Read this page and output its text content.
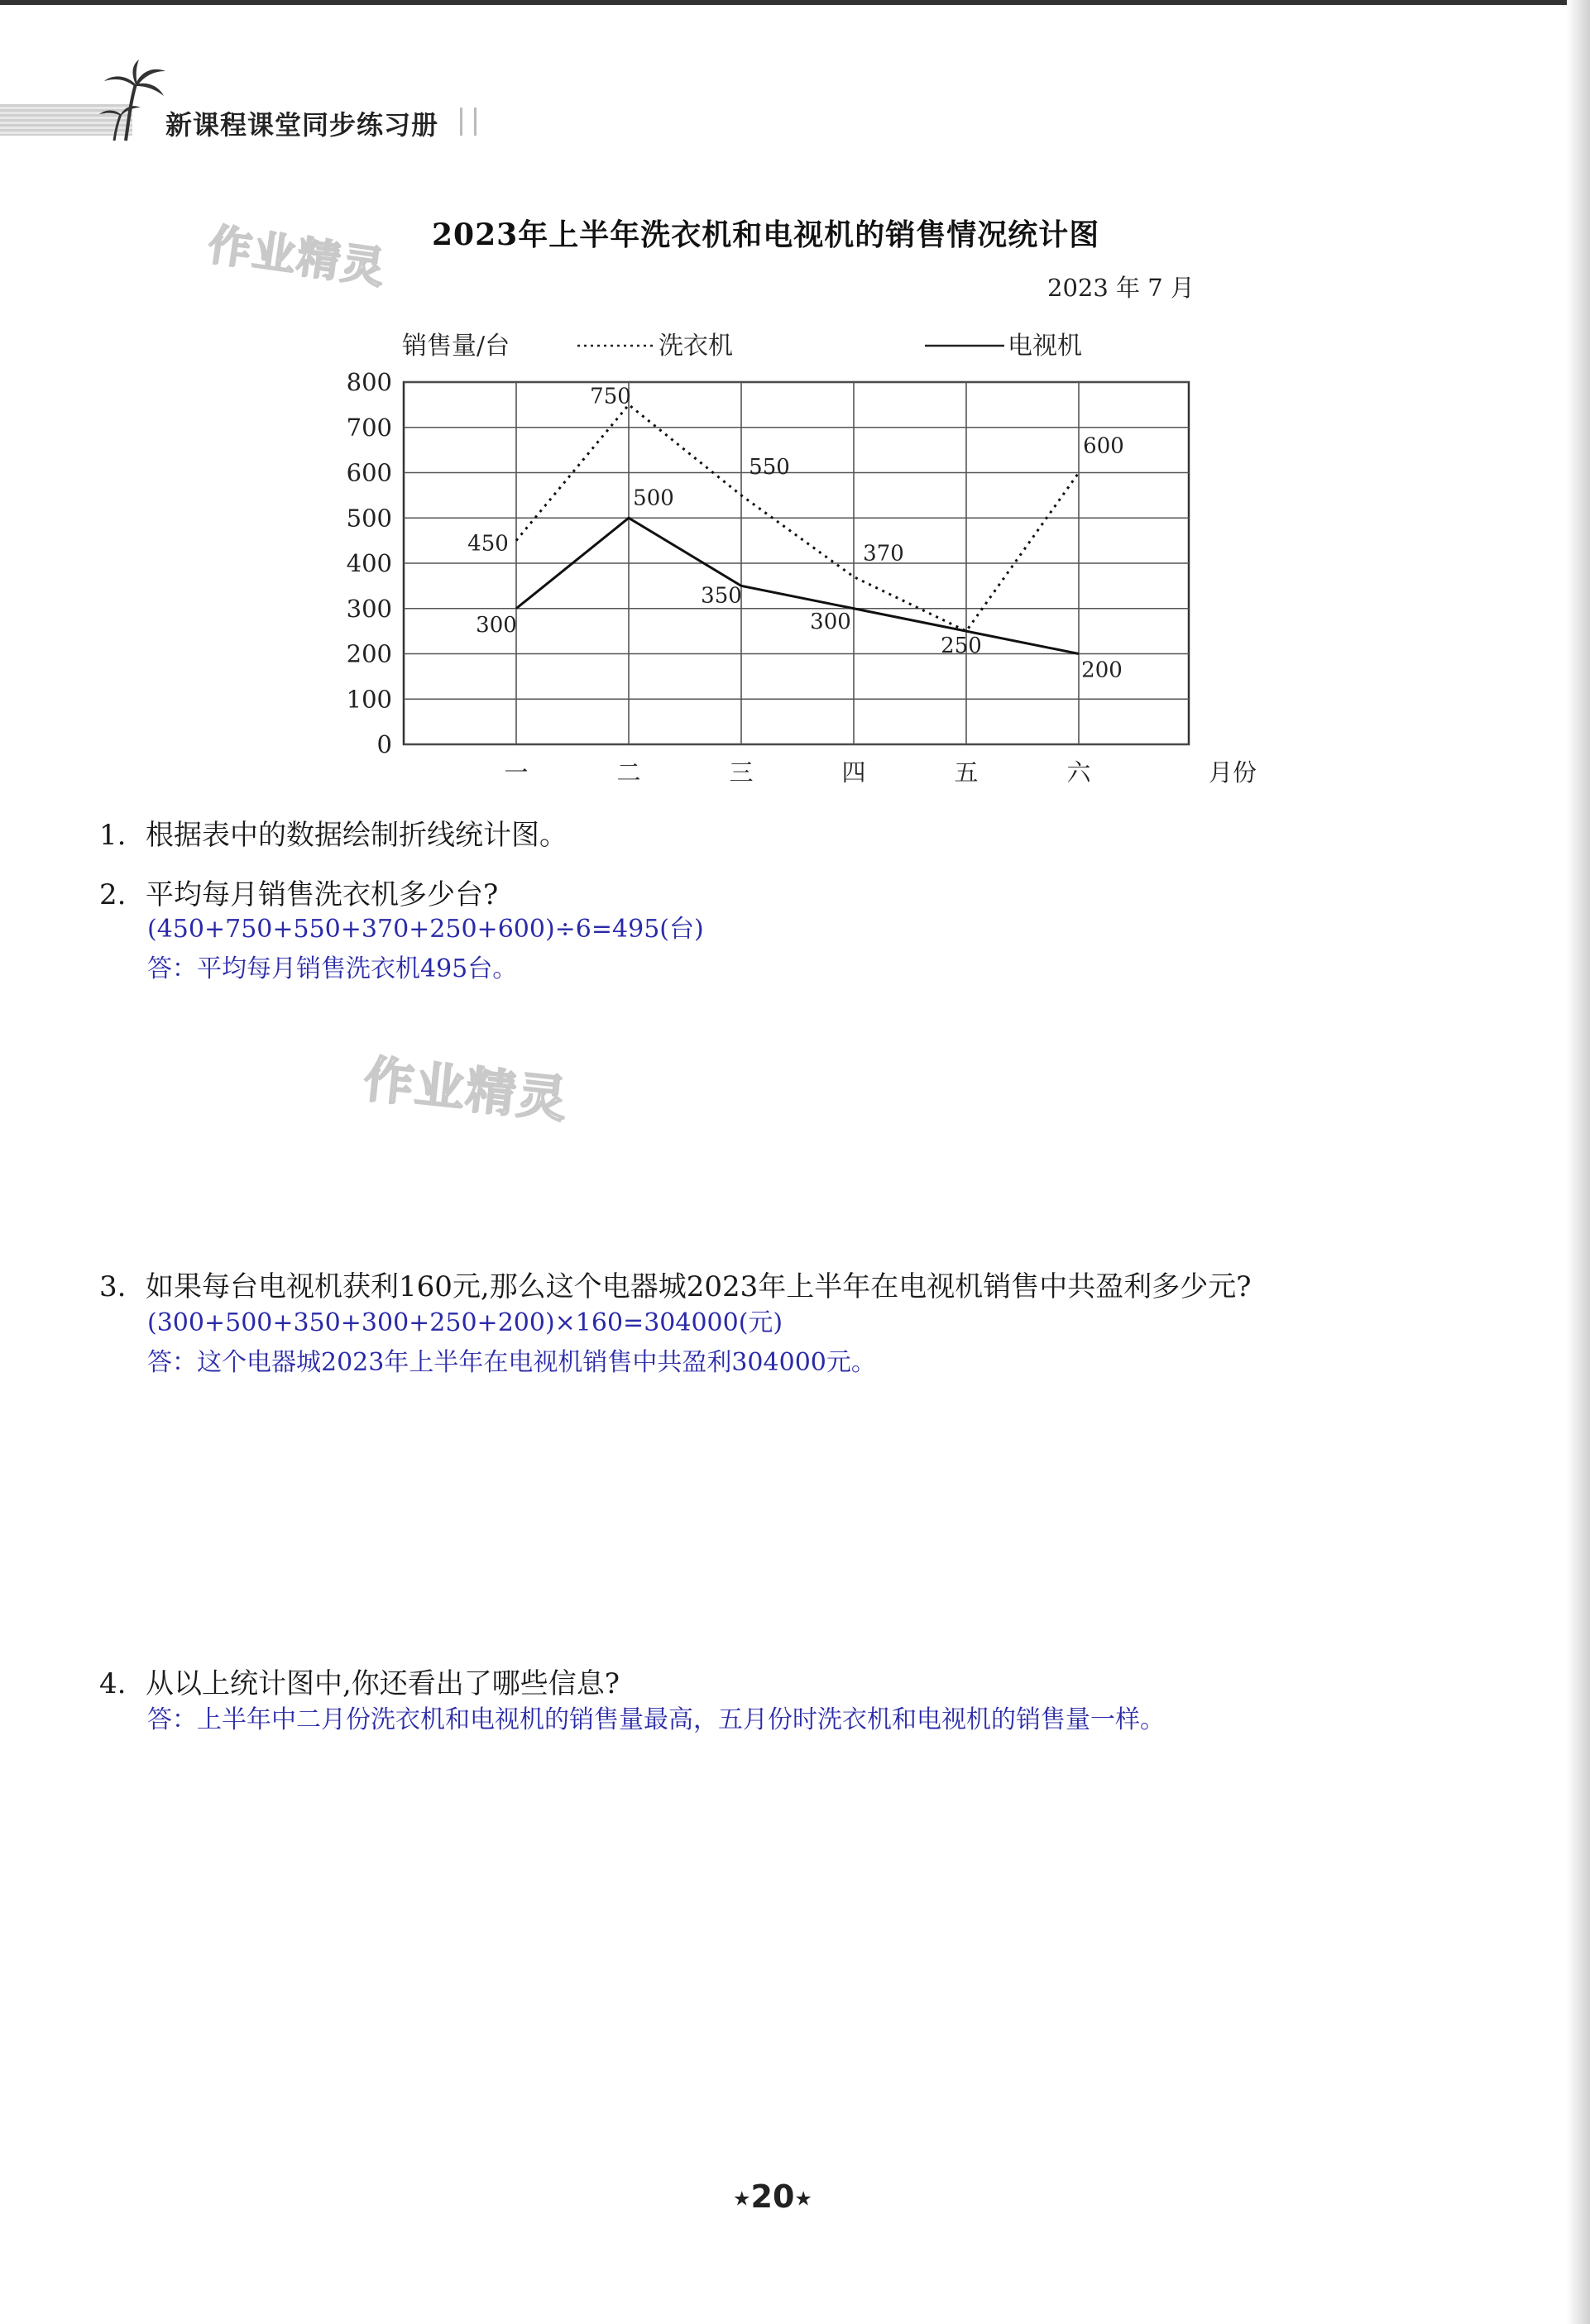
新课程课堂同步练习册
作业精灵
作业精灵
2023年上半年洗衣机和电视机的销售情况统计图
2023 年 7 月
0
100
200
300
400
500
600
700
800
一	二	三	四	五	六	月份
销售量/台	洗衣机	电视机
450
750
550
370
250
600
300
500
350
300
200
1. 根据表中的数据绘制折线统计图。
2. 平均每月销售洗衣机多少台?
(450+750+550+370+250+600)÷6=495(台)
答：平均每月销售洗衣机495台。
3. 如果每台电视机获利160元,那么这个电器城2023年上半年在电视机销售中共盈利多少元?
(300+500+350+300+250+200)×160=304000(元)
答：这个电器城2023年上半年在电视机销售中共盈利304000元。
4. 从以上统计图中,你还看出了哪些信息?
答：上半年中二月份洗衣机和电视机的销售量最高，五月份时洗衣机和电视机的销售量一样。
★20★
